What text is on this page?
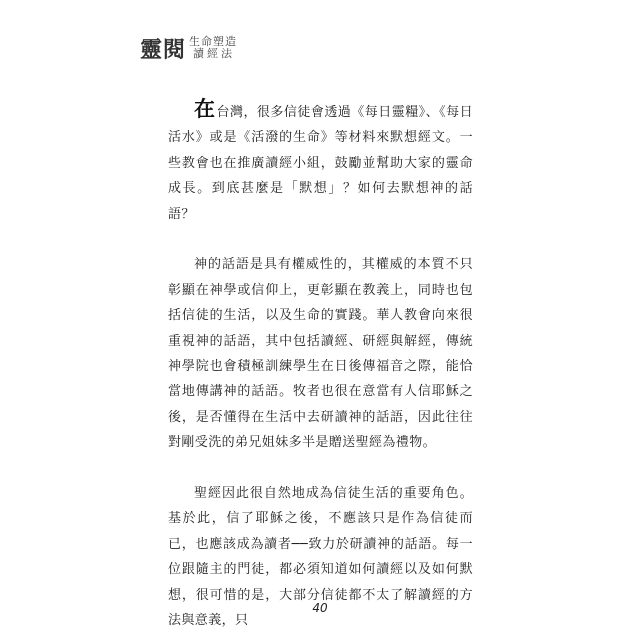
靈閱 生命塑造
讀經法

在台灣，很多信徒會透過《每日靈糧》、《每日活水》或是《活潑的生命》等材料來默想經文。一些教會也在推廣讀經小組，鼓勵並幫助大家的靈命成長。到底甚麼是「默想」？如何去默想神的話語？

神的話語是具有權威性的，其權威的本質不只彰顯在神學或信仰上，更彰顯在教義上，同時也包括信徒的生活，以及生命的實踐。華人教會向來很重視神的話語，其中包括讀經、研經與解經，傳統神學院也會積極訓練學生在日後傳福音之際，能恰當地傳講神的話語。牧者也很在意當有人信耶穌之後，是否懂得在生活中去研讀神的話語，因此往往對剛受洗的弟兄姐妹多半是贈送聖經為禮物。

聖經因此很自然地成為信徒生活的重要角色。基於此，信了耶穌之後，不應該只是作為信徒而已，也應該成為讀者──致力於研讀神的話語。每一位跟隨主的門徒，都必須知道如何讀經以及如何默想，很可惜的是，大部分信徒都不太了解讀經的方法與意義，只

40
